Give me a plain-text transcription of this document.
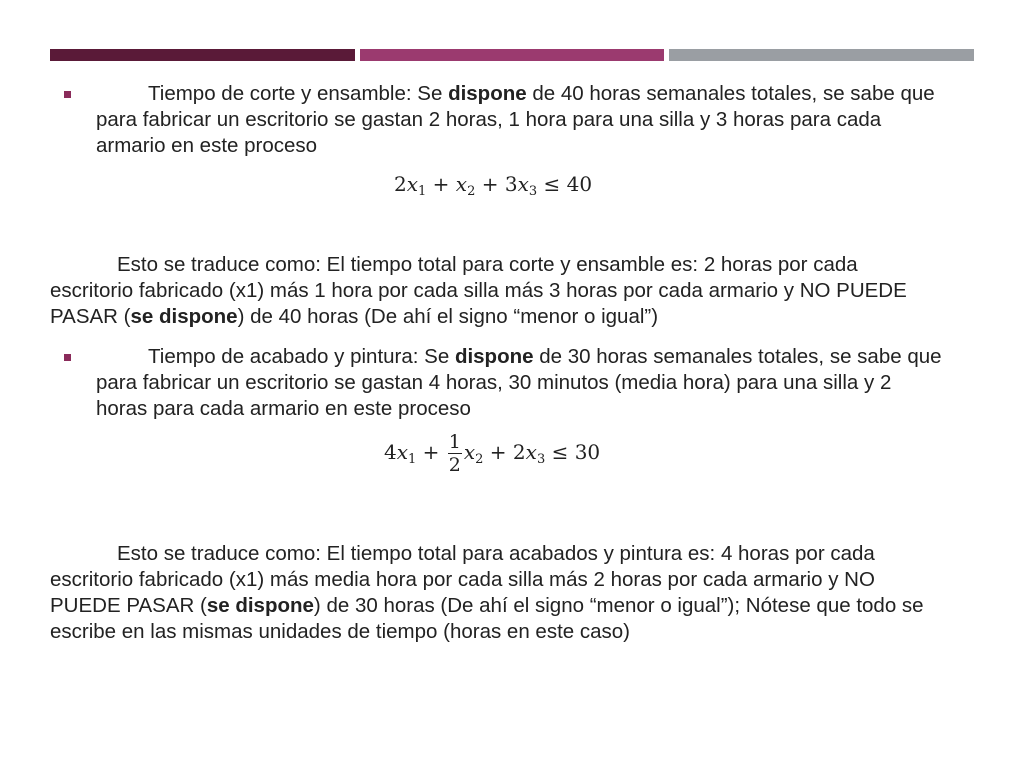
Tiempo de corte y ensamble: Se dispone de 40 horas semanales totales, se sabe que para fabricar un escritorio se gastan 2 horas, 1 hora para una silla y 3 horas para cada armario en este proceso
$2x_1 + x_2 + 3x_3 \le 40$
Esto se traduce como: El tiempo total para corte y ensamble es: 2 horas por cada escritorio fabricado (x1) más 1 hora por cada silla más 3 horas por cada armario y NO PUEDE PASAR (se dispone) de 40 horas (De ahí el signo “menor o igual”)
Tiempo de acabado y pintura: Se dispone de 30 horas semanales totales, se sabe que para fabricar un escritorio se gastan 4 horas, 30 minutos (media hora) para una silla y 2 horas para cada armario en este proceso
$4x_1 + \frac{1}{2} x_2 + 2x_3 \le 30$
Esto se traduce como: El tiempo total para acabados y pintura es: 4 horas por cada escritorio fabricado (x1) más media hora por cada silla más 2 horas por cada armario y NO PUEDE PASAR (se dispone) de 30 horas (De ahí el signo “menor o igual”); Nótese que todo se escribe en las mismas unidades de tiempo (horas en este caso)
